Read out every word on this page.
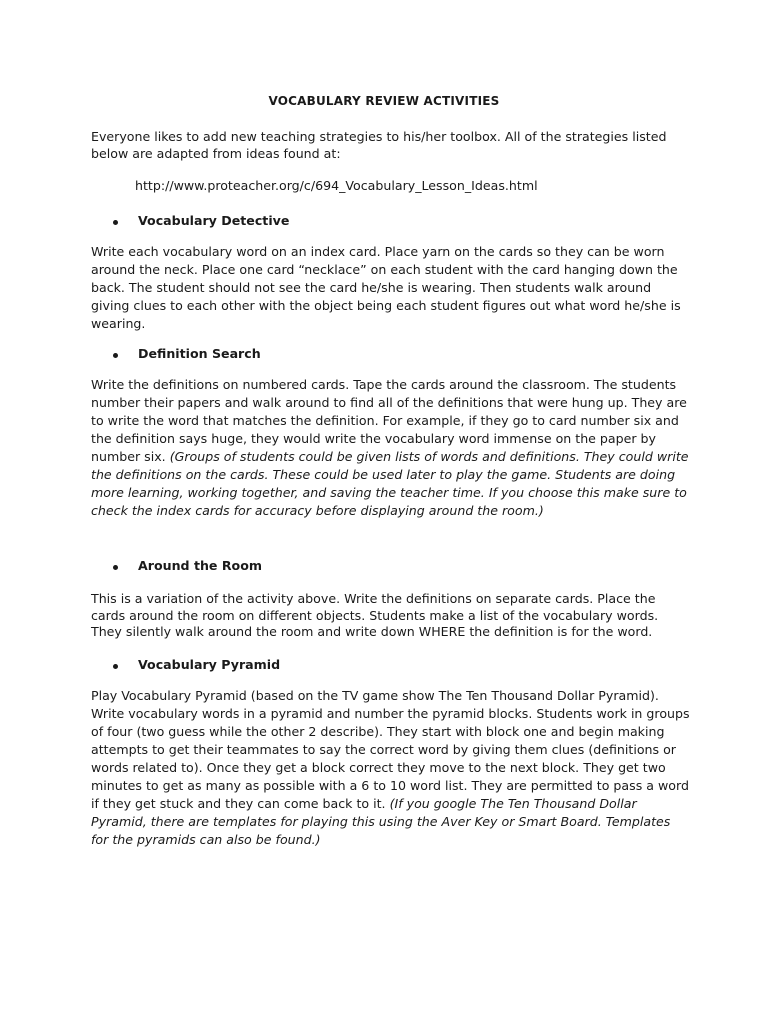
VOCABULARY REVIEW ACTIVITIES

Everyone likes to add new teaching strategies to his/her toolbox. All of the strategies listed below are adapted from ideas found at:

http://www.proteacher.org/c/694_Vocabulary_Lesson_Ideas.html

Vocabulary Detective

Write each vocabulary word on an index card. Place yarn on the cards so they can be worn around the neck. Place one card “necklace” on each student with the card hanging down the back. The student should not see the card he/she is wearing. Then students walk around giving clues to each other with the object being each student figures out what word he/she is wearing.

Definition Search

Write the definitions on numbered cards. Tape the cards around the classroom. The students number their papers and walk around to find all of the definitions that were hung up. They are to write the word that matches the definition. For example, if they go to card number six and the definition says huge, they would write the vocabulary word immense on the paper by number six. (Groups of students could be given lists of words and definitions. They could write the definitions on the cards. These could be used later to play the game. Students are doing more learning, working together, and saving the teacher time. If you choose this make sure to check the index cards for accuracy before displaying around the room.)

Around the Room

This is a variation of the activity above. Write the definitions on separate cards. Place the cards around the room on different objects. Students make a list of the vocabulary words. They silently walk around the room and write down WHERE the definition is for the word.

Vocabulary Pyramid

Play Vocabulary Pyramid (based on the TV game show The Ten Thousand Dollar Pyramid). Write vocabulary words in a pyramid and number the pyramid blocks. Students work in groups of four (two guess while the other 2 describe). They start with block one and begin making attempts to get their teammates to say the correct word by giving them clues (definitions or words related to). Once they get a block correct they move to the next block. They get two minutes to get as many as possible with a 6 to 10 word list. They are permitted to pass a word if they get stuck and they can come back to it. (If you google The Ten Thousand Dollar Pyramid, there are templates for playing this using the Aver Key or Smart Board. Templates for the pyramids can also be found.)
